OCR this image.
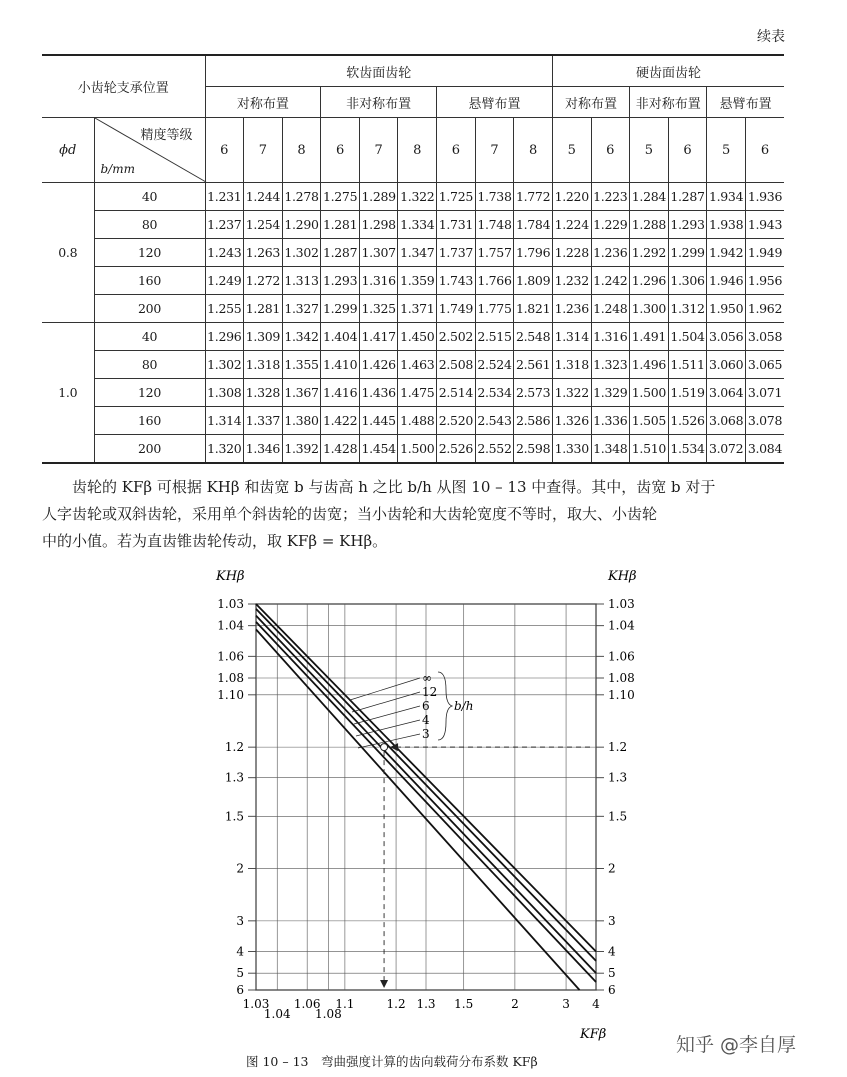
续表
小齿轮支承位置		软齿面齿轮									硬齿面齿轮					
		对称布置			非对称布置			悬臂布置			对称布置		非对称布置		悬臂布置	
ϕd	精度等级
b/mm	6	7	8	6	7	8	6	7	8	5	6	5	6	5	6
0.8	40	1.231	1.244	1.278	1.275	1.289	1.322	1.725	1.738	1.772	1.220	1.223	1.284	1.287	1.934	1.936
	80	1.237	1.254	1.290	1.281	1.298	1.334	1.731	1.748	1.784	1.224	1.229	1.288	1.293	1.938	1.943
	120	1.243	1.263	1.302	1.287	1.307	1.347	1.737	1.757	1.796	1.228	1.236	1.292	1.299	1.942	1.949
	160	1.249	1.272	1.313	1.293	1.316	1.359	1.743	1.766	1.809	1.232	1.242	1.296	1.306	1.946	1.956
	200	1.255	1.281	1.327	1.299	1.325	1.371	1.749	1.775	1.821	1.236	1.248	1.300	1.312	1.950	1.962
1.0	40	1.296	1.309	1.342	1.404	1.417	1.450	2.502	2.515	2.548	1.314	1.316	1.491	1.504	3.056	3.058
	80	1.302	1.318	1.355	1.410	1.426	1.463	2.508	2.524	2.561	1.318	1.323	1.496	1.511	3.060	3.065
	120	1.308	1.328	1.367	1.416	1.436	1.475	2.514	2.534	2.573	1.322	1.329	1.500	1.519	3.064	3.071
	160	1.314	1.337	1.380	1.422	1.445	1.488	2.520	2.543	2.586	1.326	1.336	1.505	1.526	3.068	3.078
	200	1.320	1.346	1.392	1.428	1.454	1.500	2.526	2.552	2.598	1.330	1.348	1.510	1.534	3.072	3.084

齿轮的 KFβ 可根据 KHβ 和齿宽 b 与齿高 h 之比 b/h 从图 10 – 13 中查得。其中，齿宽 b 对于

人字齿轮或双斜齿轮，采用单个斜齿轮的齿宽；当小齿轮和大齿轮宽度不等时，取大、小齿轮

中的小值。若为直齿锥齿轮传动，取 KFβ = KHβ。

1.03	1.03
1.04	1.04
1.06	1.06
1.08	1.08
1.10	1.10
1.2	1.2
1.3	1.3
1.5	1.5
2	2
3	3
4	4
5	5
6	6
1.03
1.04
1.06
1.08
1.1	1.2 1.3 1.5	2	3 4
KHβ	KHβ
KFβ
∞
12
6
4
3
b/h
图 10 – 13　弯曲强度计算的齿向载荷分布系数 KFβ
知乎 @李自厚
